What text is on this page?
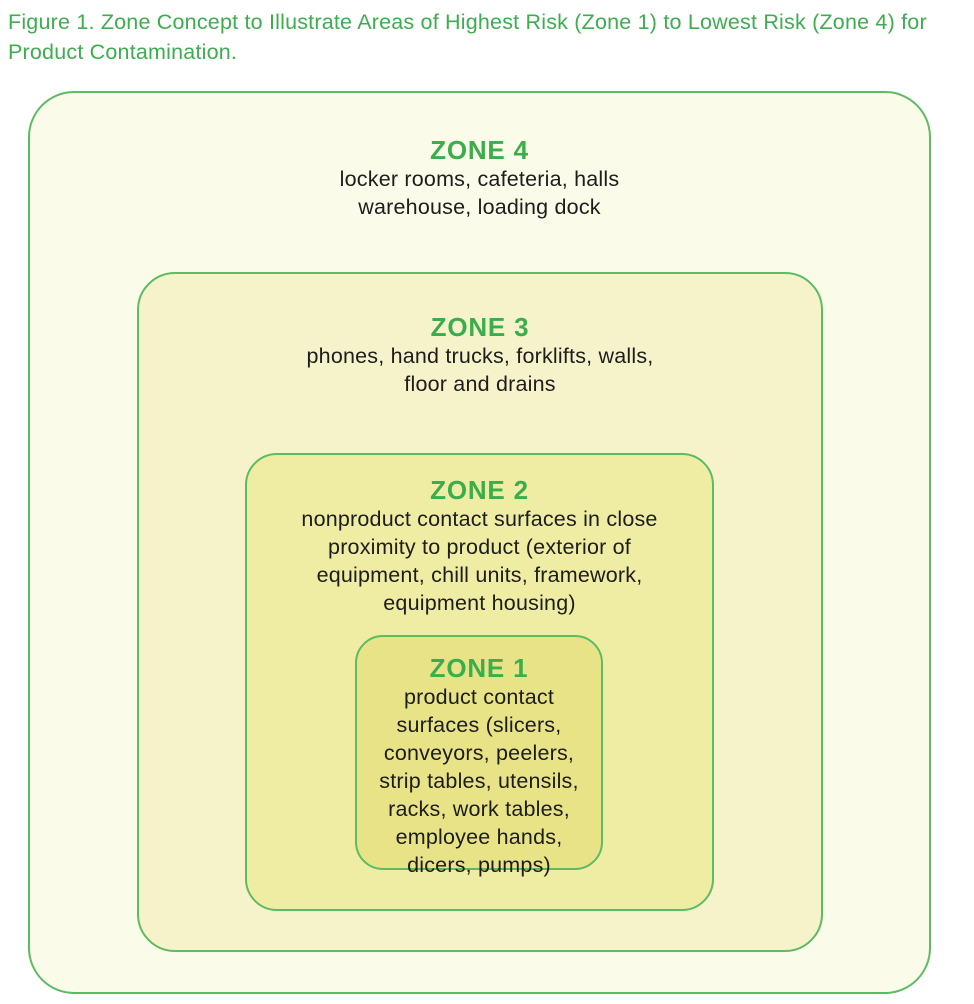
Figure 1. Zone Concept to Illustrate Areas of Highest Risk (Zone 1) to Lowest Risk (Zone 4) for Product Contamination.
ZONE 4
locker rooms, cafeteria, halls
warehouse, loading dock
ZONE 3
phones, hand trucks, forklifts, walls,
floor and drains
ZONE 2
nonproduct contact surfaces in close
proximity to product (exterior of
equipment, chill units, framework,
equipment housing)
ZONE 1
product contact
surfaces (slicers,
conveyors, peelers,
strip tables, utensils,
racks, work tables,
employee hands,
dicers, pumps)
